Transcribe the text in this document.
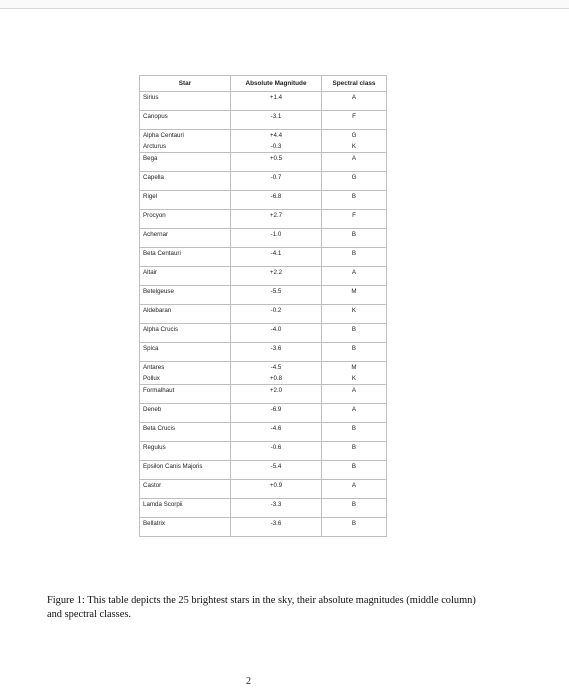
Star	Absolute Magnitude	Spectral class
Sirius	+1.4	A
Canopus	-3.1	F
Alpha Centauri	+4.4	G
Arcturus	-0.3	K
Bega	+0.5	A
Capella	-0.7	G
Rigel	-6.8	B
Procyon	+2.7	F
Achernar	-1.0	B
Beta Centauri	-4.1	B
Altair	+2.2	A
Betelgeuse	-5.5	M
Aldebaran	-0.2	K
Alpha Crucis	-4.0	B
Spica	-3.6	B
Antares	-4.5	M
Pollux	+0.8	K
Formalhaut	+2.0	A
Deneb	-6.9	A
Beta Crucis	-4.6	B
Regulus	-0.6	B
Epsilon Canis Majoris	-5.4	B
Castor	+0.9	A
Lamda Scorpii	-3.3	B
Bellatrix	-3.6	B
Figure 1: This table depicts the 25 brightest stars in the sky, their absolute magnitudes (middle column) and spectral classes.
2
